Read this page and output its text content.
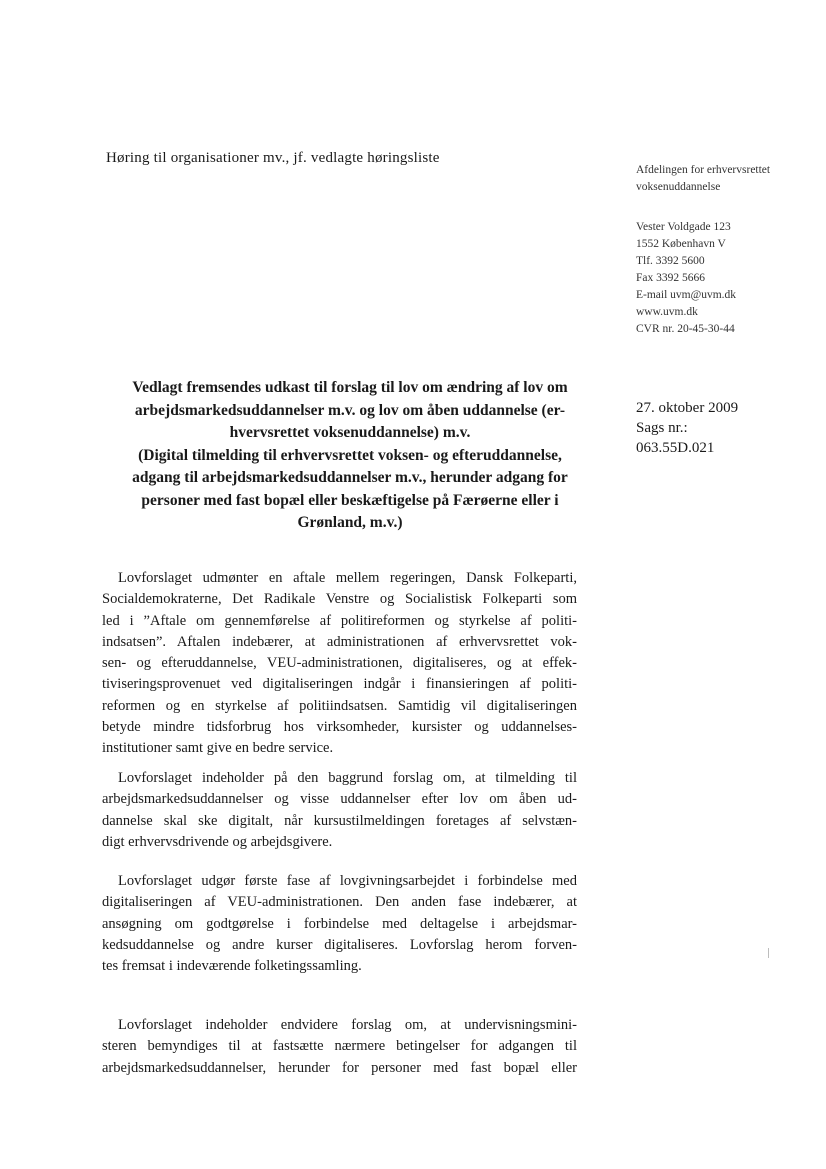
Høring til organisationer mv., jf. vedlagte høringsliste
Afdelingen for erhvervsrettet
voksenuddannelse
Vester Voldgade 123
1552 København V
Tlf. 3392 5600
Fax 3392 5666
E-mail uvm@uvm.dk
www.uvm.dk
CVR nr. 20-45-30-44
27. oktober 2009
Sags nr.:
063.55D.021
Vedlagt fremsendes udkast til forslag til lov om ændring af lov om
arbejdsmarkedsuddannelser m.v. og lov om åben uddannelse (er-
hvervsrettet voksenuddannelse) m.v.
(Digital tilmelding til erhvervsrettet voksen- og efteruddannelse,
adgang til arbejdsmarkedsuddannelser m.v., herunder adgang for
personer med fast bopæl eller beskæftigelse på Færøerne eller i
Grønland, m.v.)
Lovforslaget udmønter en aftale mellem regeringen, Dansk Folkeparti,
Socialdemokraterne, Det Radikale Venstre og Socialistisk Folkeparti som
led i ”Aftale om gennemførelse af politireformen og styrkelse af politi-
indsatsen”. Aftalen indebærer, at administrationen af erhvervsrettet vok-
sen- og efteruddannelse, VEU-administrationen, digitaliseres, og at effek-
tiviseringsprovenuet ved digitaliseringen indgår i finansieringen af politi-
reformen og en styrkelse af politiindsatsen. Samtidig vil digitaliseringen
betyde mindre tidsforbrug hos virksomheder, kursister og uddannelses-
institutioner samt give en bedre service.
Lovforslaget indeholder på den baggrund forslag om, at tilmelding til
arbejdsmarkedsuddannelser og visse uddannelser efter lov om åben ud-
dannelse skal ske digitalt, når kursustilmeldingen foretages af selvstæn-
digt erhvervsdrivende og arbejdsgivere.
Lovforslaget udgør første fase af lovgivningsarbejdet i forbindelse med
digitaliseringen af VEU-administrationen. Den anden fase indebærer, at
ansøgning om godtgørelse i forbindelse med deltagelse i arbejdsmar-
kedsuddannelse og andre kurser digitaliseres. Lovforslag herom forven-
tes fremsat i indeværende folketingssamling.
Lovforslaget indeholder endvidere forslag om, at undervisningsmini-
steren bemyndiges til at fastsætte nærmere betingelser for adgangen til
arbejdsmarkedsuddannelser, herunder for personer med fast bopæl eller
